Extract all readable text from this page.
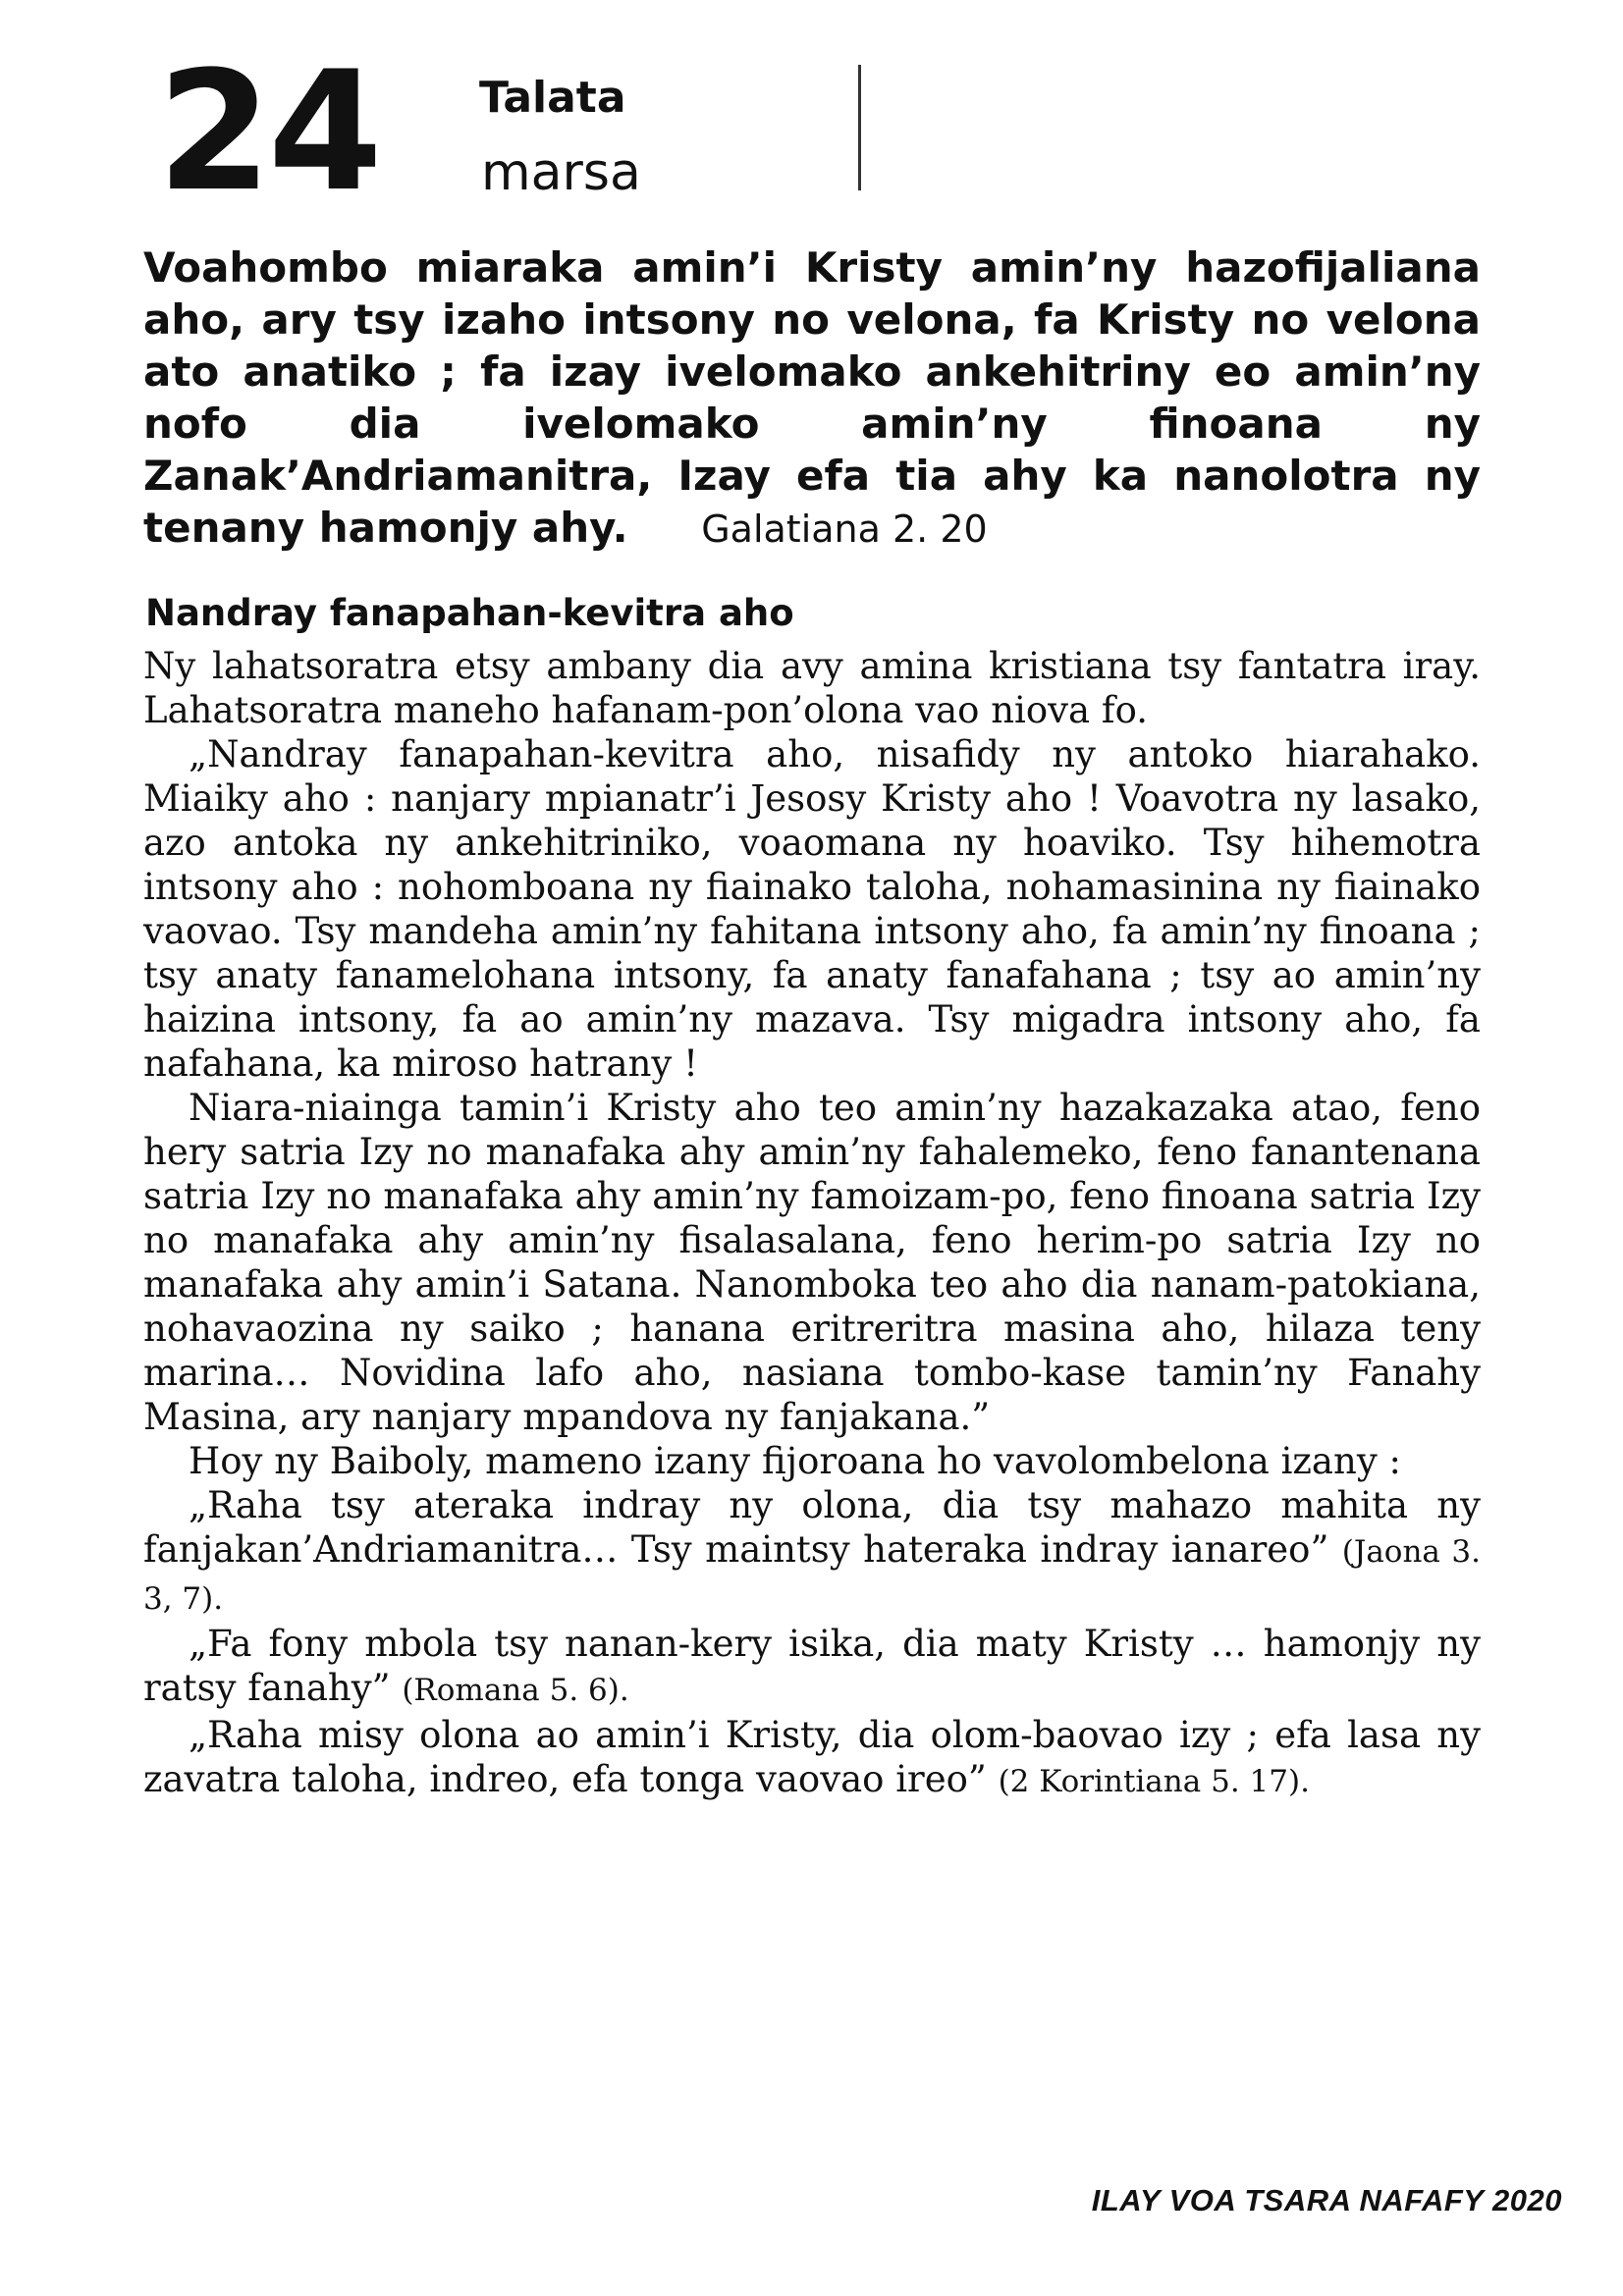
24 Talata
marsa
Voahombo miaraka amin’i Kristy amin’ny hazofijaliana aho, ary tsy izaho intsony no velona, fa Kristy no velona ato anatiko ; fa izay ivelomako ankehitriny eo amin’ny nofo dia ivelomako amin’ny finoana ny Zanak’Andriamanitra, Izay efa tia ahy ka nanolotra ny tenany hamonjy ahy. Galatiana 2. 20
Nandray fanapahan-kevitra aho

Ny lahatsoratra etsy ambany dia avy amina kristiana tsy fantatra iray. Lahatsoratra maneho hafanam-pon’olona vao niova fo.

„Nandray fanapahan-kevitra aho, nisafidy ny antoko hiarahako. Miaiky aho : nanjary mpianatr’i Jesosy Kristy aho ! Voavotra ny lasako, azo antoka ny ankehitriniko, voaomana ny hoaviko. Tsy hihemotra intsony aho : nohomboana ny fiainako taloha, nohamasinina ny fiainako vaovao. Tsy mandeha amin’ny fahitana intsony aho, fa amin’ny finoana ; tsy anaty fanamelohana intsony, fa anaty fanafahana ; tsy ao amin’ny haizina intsony, fa ao amin’ny mazava. Tsy migadra intsony aho, fa nafahana, ka miroso hatrany !

Niara-niainga tamin’i Kristy aho teo amin’ny hazakazaka atao, feno hery satria Izy no manafaka ahy amin’ny fahalemeko, feno fanantenana satria Izy no manafaka ahy amin’ny famoizam-po, feno finoana satria Izy no manafaka ahy amin’ny fisalasalana, feno herim-po satria Izy no manafaka ahy amin’i Satana. Nanomboka teo aho dia nanam-patokiana, nohavaozina ny saiko ; hanana eritreritra masina aho, hilaza teny marina… Novidina lafo aho, nasiana tombo-kase tamin’ny Fanahy Masina, ary nanjary mpandova ny fanjakana.”

Hoy ny Baiboly, mameno izany fijoroana ho vavolombelona izany :

„Raha tsy ateraka indray ny olona, dia tsy mahazo mahita ny fanjakan’Andriamanitra… Tsy maintsy hateraka indray ianareo” (Jaona 3. 3, 7).

„Fa fony mbola tsy nanan-kery isika, dia maty Kristy … hamonjy ny ratsy fanahy” (Romana 5. 6).

„Raha misy olona ao amin’i Kristy, dia olom-baovao izy ; efa lasa ny zavatra taloha, indreo, efa tonga vaovao ireo” (2 Korintiana 5. 17).

ILAY VOA TSARA NAFAFY 2020
